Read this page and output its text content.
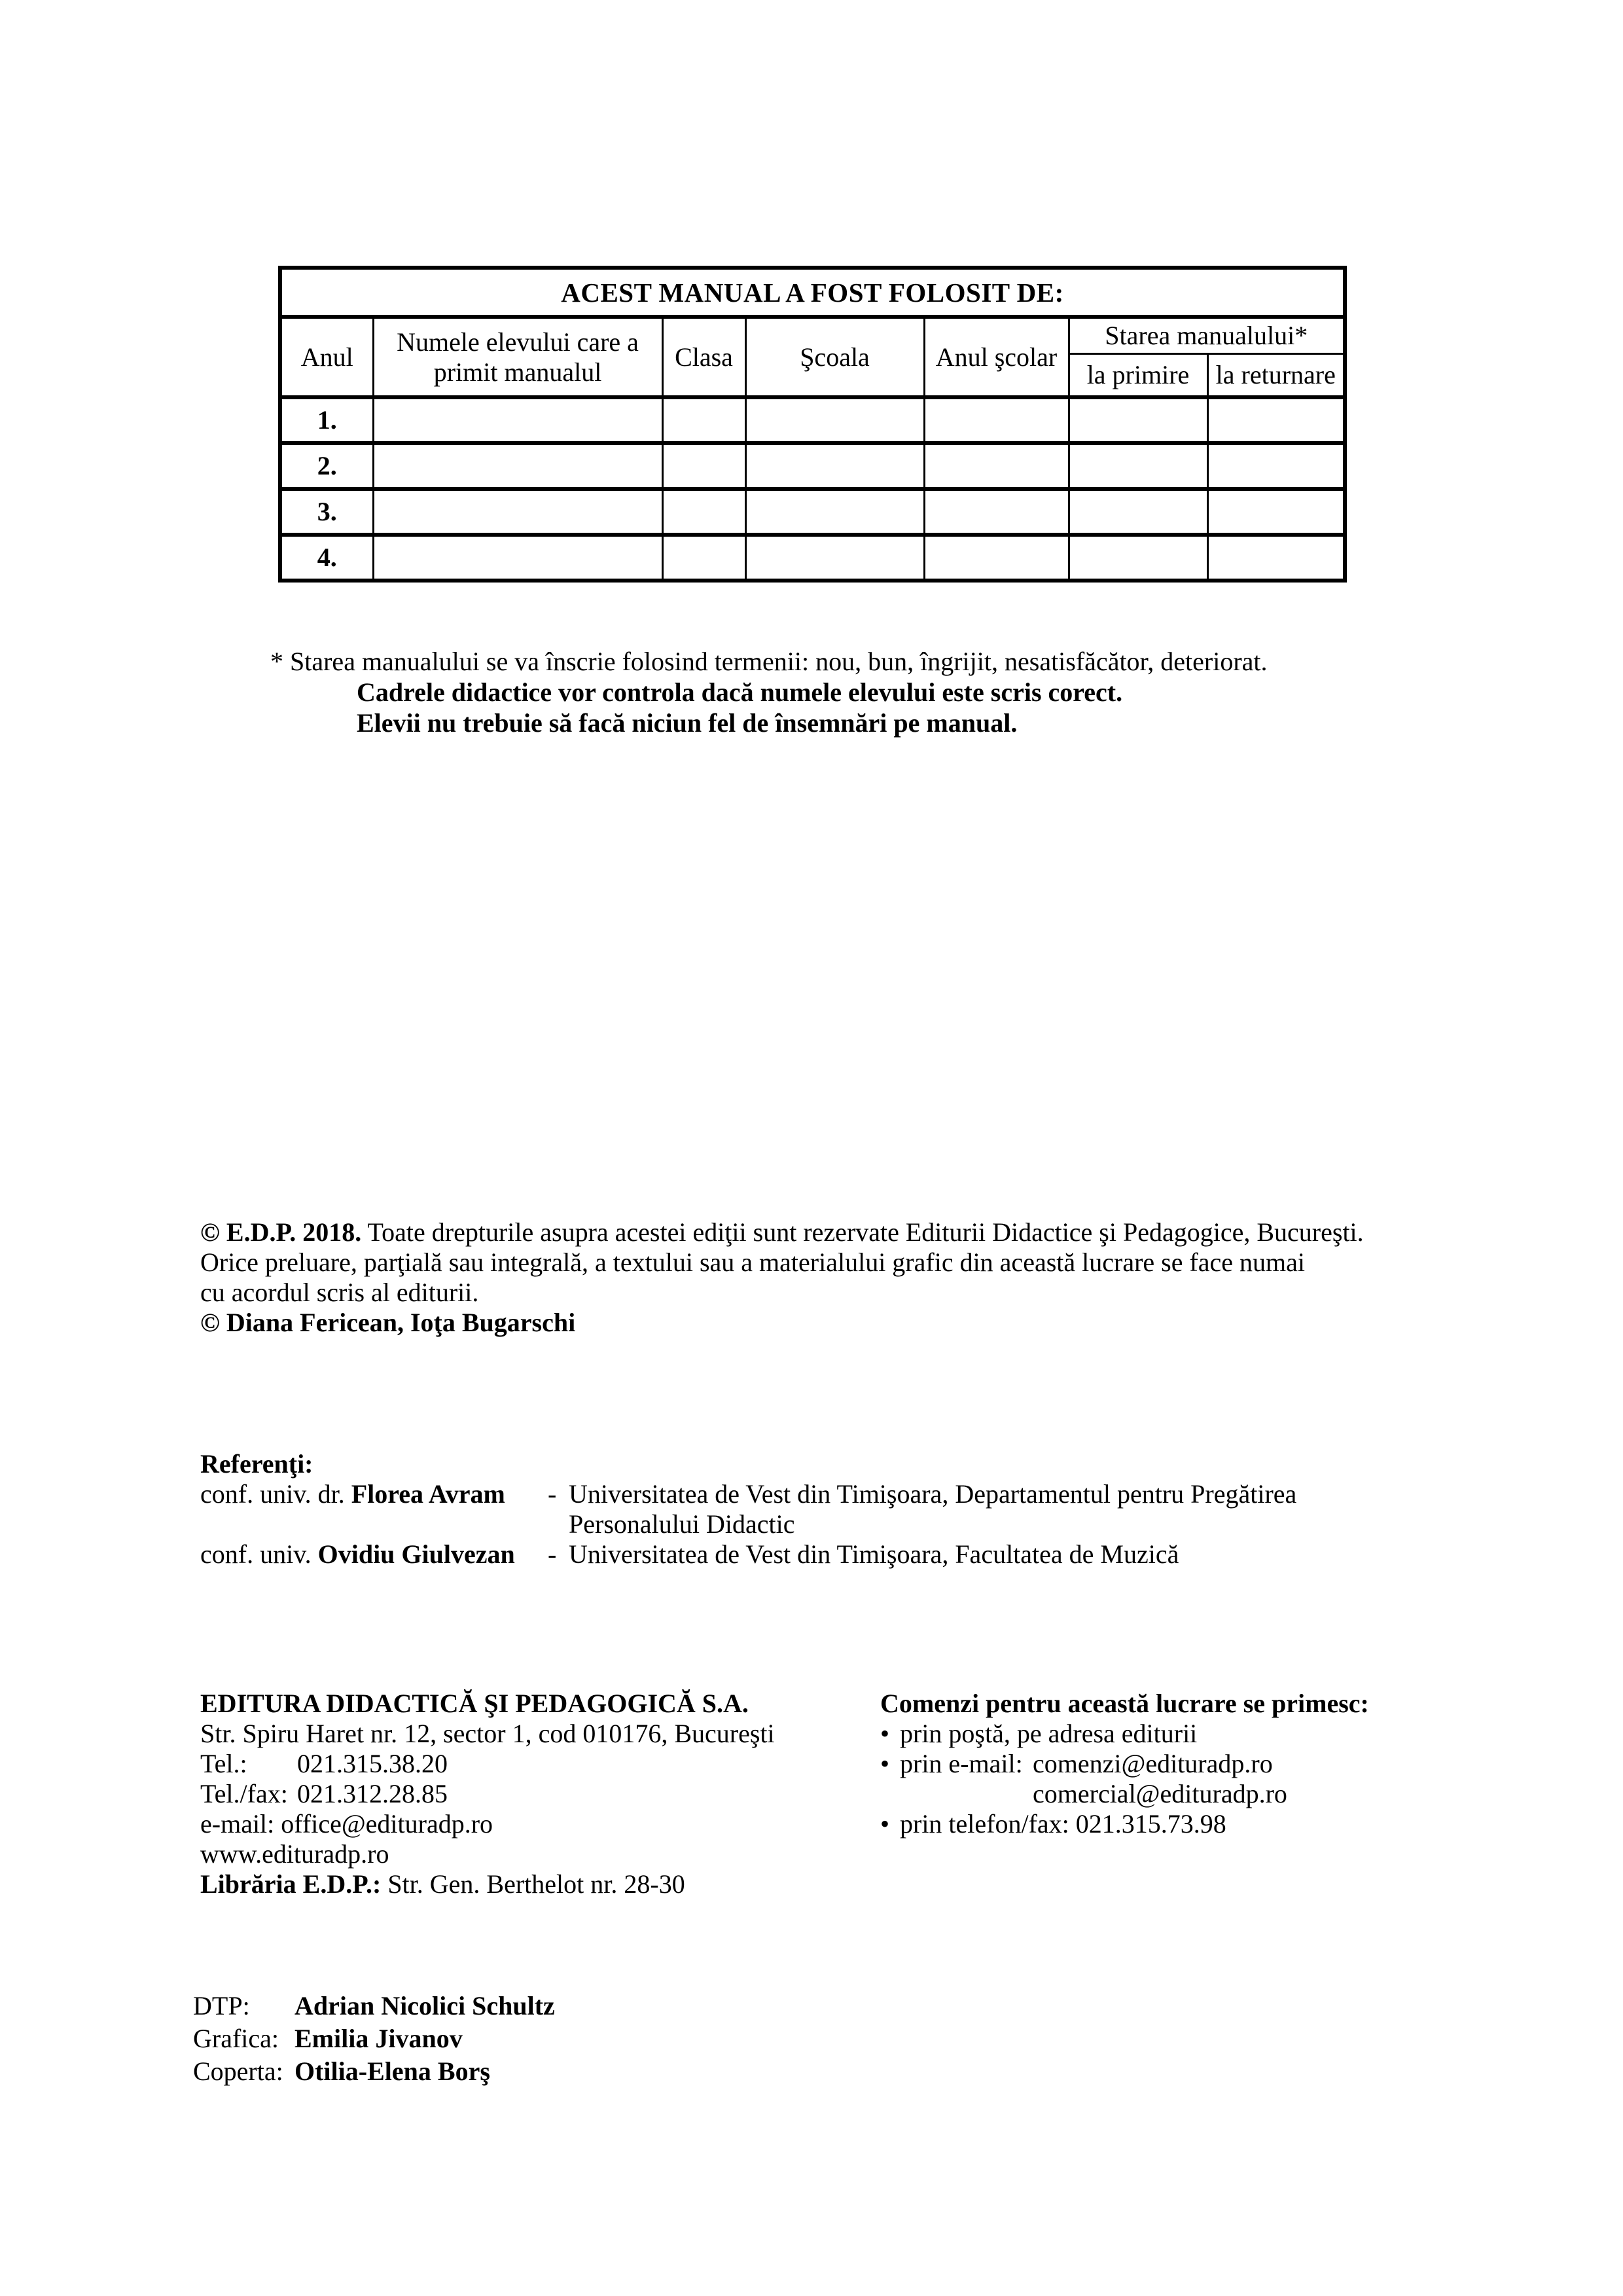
ACEST MANUAL A FOST FOLOSIT DE:						
Anul	Numele elevului care a primit manualul	Clasa	Şcoala	Anul şcolar	Starea manualului*	
					la primire	la returnare
1.						
2.						
3.						
4.						
* Starea manualului se va înscrie folosind termenii: nou, bun, îngrijit, nesatisfăcător, deteriorat.
Cadrele didactice vor controla dacă numele elevului este scris corect.
Elevii nu trebuie să facă niciun fel de însemnări pe manual.
© E.D.P. 2018. Toate drepturile asupra acestei ediţii sunt rezervate Editurii Didactice şi Pedagogice, Bucureşti.
Orice preluare, parţială sau integrală, a textului sau a materialului grafic din această lucrare se face numai
cu acordul scris al editurii.
© Diana Fericean, Ioţa Bugarschi
Referenţi:
conf. univ. dr. Florea Avram	- Universitatea de Vest din Timişoara, Departamentul pentru Pregătirea
Personalului Didactic
conf. univ. Ovidiu Giulvezan	- Universitatea de Vest din Timişoara, Facultatea de Muzică
EDITURA DIDACTICĂ ŞI PEDAGOGICĂ S.A.
Str. Spiru Haret nr. 12, sector 1, cod 010176, Bucureşti
Tel.: 021.315.38.20
Tel./fax: 021.312.28.85
e-mail: office@edituradp.ro
www.edituradp.ro
Librăria E.D.P.: Str. Gen. Berthelot nr. 28-30
Comenzi pentru această lucrare se primesc:
• prin poştă, pe adresa editurii
• prin e-mail: comenzi@edituradp.ro
comercial@edituradp.ro
• prin telefon/fax: 021.315.73.98
DTP: Adrian Nicolici Schultz
Grafica: Emilia Jivanov
Coperta: Otilia-Elena Borş
